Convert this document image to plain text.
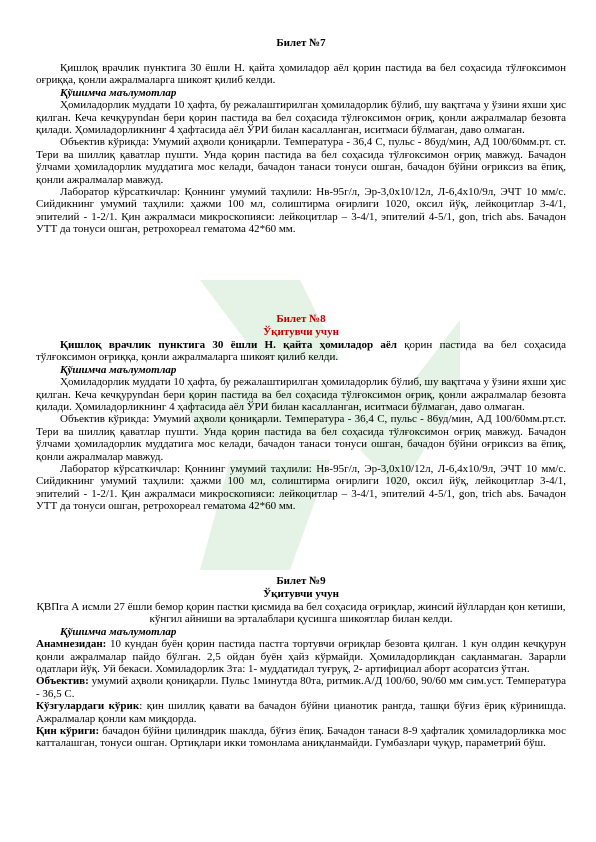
Билет №7

Қишлоқ врачлик пунктига 30 ёшли Н. қайта ҳомиладор аёл қорин пастида ва бел соҳасида тўлғоксимон оғриққа, қонли ажралмаларга шикоят қилиб келди.

Қўшимча маълумотлар

Ҳомиладорлик муддати 10 ҳафта, бу режалаштирилган ҳомиладорлик бўлиб, шу вақтгача у ўзини яхши ҳис қилган. Кеча кечқуруndан бери қорин пастида ва бел соҳасида тўлғоксимон оғриқ, қонли ажралмалар безовта қилади. Ҳомиладорликнинг 4 ҳафтасида аёл ЎРИ билан касалланган, иситмаси бўлмаган, даво олмаган.

Объектив кўрикда: Умумий аҳволи қониқарли. Температура - 36,4 С, пульс - 86уд/мин, АД 100/60мм.рт. ст. Тери ва шиллиқ қаватлар пушти. Унда қорин пастида ва бел соҳасида тўлғоксимон оғриқ мавжуд. Бачадон ўлчами ҳомиладорлик муддатига мос келади, бачадон танаси тонуси ошган, бачадон бўйни оғриксиз ва ёпиқ, қонли ажралмалар мавжуд.

Лаборатор кўрсаткичлар: Қоннинг умумий таҳлили: Нв-95г/л, Эр-3,0х10/12л, Л-6,4х10/9л, ЭЧТ 10 мм/с. Сийдикнинг умумий таҳлили: ҳажми 100 мл, солиштирма оғирлиги 1020, оксил йўқ, лейкоцитлар 3-4/1, эпителий - 1-2/1. Қин ажралмаси микроскопияси: лейкоцитлар – 3-4/1, эпителий 4-5/1, gon, trich abs. Бачадон УТТ да тонуси ошган, ретрохореал гематома 42*60 мм.

Билет №8
Ўқитувчи учун

Қишлоқ врачлик пунктига 30 ёшли Н. қайта ҳомиладор аёл қорин пастида ва бел соҳасида тўлғоксимон оғриққа, қонли ажралмаларга шикоят қилиб келди.

Қўшимча маълумотлар

Ҳомиладорлик муддати 10 ҳафта, бу режалаштирилган ҳомиладорлик бўлиб, шу вақтгача у ўзини яхши ҳис қилган. Кеча кечқуруndан бери қорин пастида ва бел соҳасида тўлғоксимон оғриқ, қонли ажралмалар безовта қилади. Ҳомиладорликнинг 4 ҳафтасида аёл ЎРИ билан касалланган, иситмаси бўлмаган, даво олмаган.

Объектив кўрикда: Умумий аҳволи қониқарли. Температура - 36,4 С, пульс - 86уд/мин, АД 100/60мм.рт.ст. Тери ва шиллиқ қаватлар пушти. Унда қорин пастида ва бел соҳасида тўлғоксимон оғриқ мавжуд. Бачадон ўлчами ҳомиладорлик муддатига мос келади, бачадон танаси тонуси ошган, бачадон бўйни оғриксиз ва ёпиқ, қонли ажралмалар мавжуд.

Лаборатор кўрсаткичлар: Қоннинг умумий таҳлили: Нв-95г/л, Эр-3,0х10/12л, Л-6,4х10/9л, ЭЧТ 10 мм/с. Сийдикнинг умумий таҳлили: ҳажми 100 мл, солиштирма оғирлиги 1020, оксил йўқ, лейкоцитлар 3-4/1, эпителий - 1-2/1. Қин ажралмаси микроскопияси: лейкоцитлар – 3-4/1, эпителий 4-5/1, gon, trich abs. Бачадон УТТ да тонуси ошган, ретрохореал гематома 42*60 мм.

Билет №9
Ўқитувчи учун

ҚВПга А исмли 27 ёшли бемор қорин пастки қисмида ва бел соҳасида оғриқлар, жинсий йўллардан қон кетиши, кўнгил айниши ва эрталаблари қусишга шикоятлар билан келди.

Қўшимча маълумотлар

Анамнезидан: 10 кундан буён қорин пастида пастга тортувчи оғриқлар безовта қилган. 1 кун олдин кечқурун қонли ажралмалар пайдо бўлган. 2,5 ойдан буён ҳайз кўрмайди. Ҳомиладорликдан сақланмаган. Зарарли одатлари йўқ. Уй бекаси. Хомиладорлик 3та: 1- муддатидал туғруқ, 2- артифициал аборт асоратсиз ўтган.

Объектив: умумий аҳволи қониқарли. Пульс 1минутда 80та, ритмик.А/Д 100/60, 90/60 мм сим.уст. Температура - 36,5 С.

Кўзгулардаги кўрик: қин шиллиқ қавати ва бачадон бўйни цианотик рангда, ташқи бўғиз ёриқ кўринишда. Ажралмалар қонли кам миқдорда.

Қин кўриги: бачадон бўйни цилиндрик шаклда, бўғиз ёпиқ. Бачадон танаси 8-9 ҳафталик ҳомиладорликка мос катталашган, тонуси ошган. Ортиқлари икки томонлама аниқланмайди. Гумбазлари чуқур, параметрий бўш.
